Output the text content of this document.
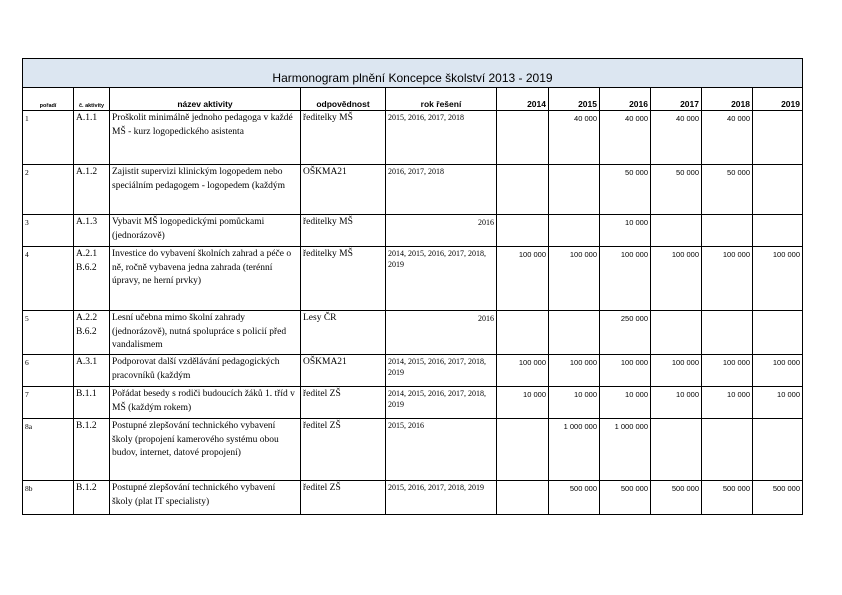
Harmonogram plnění Koncepce školství 2013 - 2019										
pořadí	č. aktivity	název aktivity	odpovědnost	rok řešení	2014	2015	2016	2017	2018	2019
1	A.1.1	Proškolit minimálně jednoho pedagoga v každé MŠ - kurz logopedického asistenta	ředitelky MŠ	2015, 2016, 2017, 2018		40 000	40 000	40 000	40 000	
2	A.1.2	Zajistit supervizi klinickým logopedem nebo speciálním pedagogem - logopedem (každým	OŠKMA21	2016, 2017, 2018			50 000	50 000	50 000	
3	A.1.3	Vybavit MŠ logopedickými pomůckami (jednorázově)	ředitelky MŠ	2016			10 000			
4	A.2.1 B.6.2	Investice do vybavení školních zahrad a péče o ně, ročně vybavena jedna zahrada (terénní úpravy, ne herní prvky)	ředitelky MŠ	2014, 2015, 2016, 2017, 2018, 2019	100 000	100 000	100 000	100 000	100 000	100 000
5	A.2.2 B.6.2	Lesní učebna mimo školní zahrady (jednorázově), nutná spolupráce s policií před vandalismem	Lesy ČR	2016			250 000			
6	A.3.1	Podporovat další vzdělávání pedagogických pracovníků (každým	OŠKMA21	2014, 2015, 2016, 2017, 2018, 2019	100 000	100 000	100 000	100 000	100 000	100 000
7	B.1.1	Pořádat besedy s rodiči budoucích žáků 1. tříd v MŠ (každým rokem)	ředitel ZŠ	2014, 2015, 2016, 2017, 2018, 2019	10 000	10 000	10 000	10 000	10 000	10 000
8a	B.1.2	Postupné zlepšování technického vybavení školy (propojení kamerového systému obou budov, internet, datové propojení)	ředitel ZŠ	2015, 2016		1 000 000	1 000 000			
8b	B.1.2	Postupné zlepšování technického vybavení školy (plat IT specialisty)	ředitel ZŠ	2015, 2016, 2017, 2018, 2019		500 000	500 000	500 000	500 000	500 000
